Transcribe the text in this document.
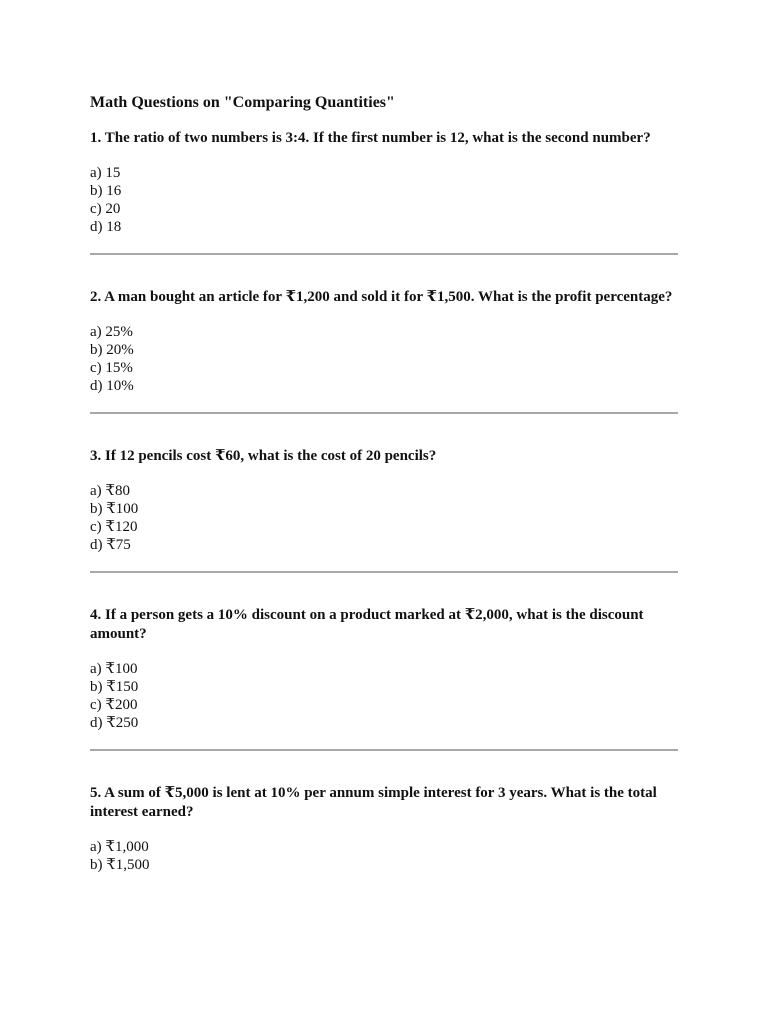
Math Questions on "Comparing Quantities"
1. The ratio of two numbers is 3:4. If the first number is 12, what is the second number?
a) 15
b) 16
c) 20
d) 18
2. A man bought an article for ₹1,200 and sold it for ₹1,500. What is the profit percentage?
a) 25%
b) 20%
c) 15%
d) 10%
3. If 12 pencils cost ₹60, what is the cost of 20 pencils?
a) ₹80
b) ₹100
c) ₹120
d) ₹75
4. If a person gets a 10% discount on a product marked at ₹2,000, what is the discount amount?
a) ₹100
b) ₹150
c) ₹200
d) ₹250
5. A sum of ₹5,000 is lent at 10% per annum simple interest for 3 years. What is the total interest earned?
a) ₹1,000
b) ₹1,500
